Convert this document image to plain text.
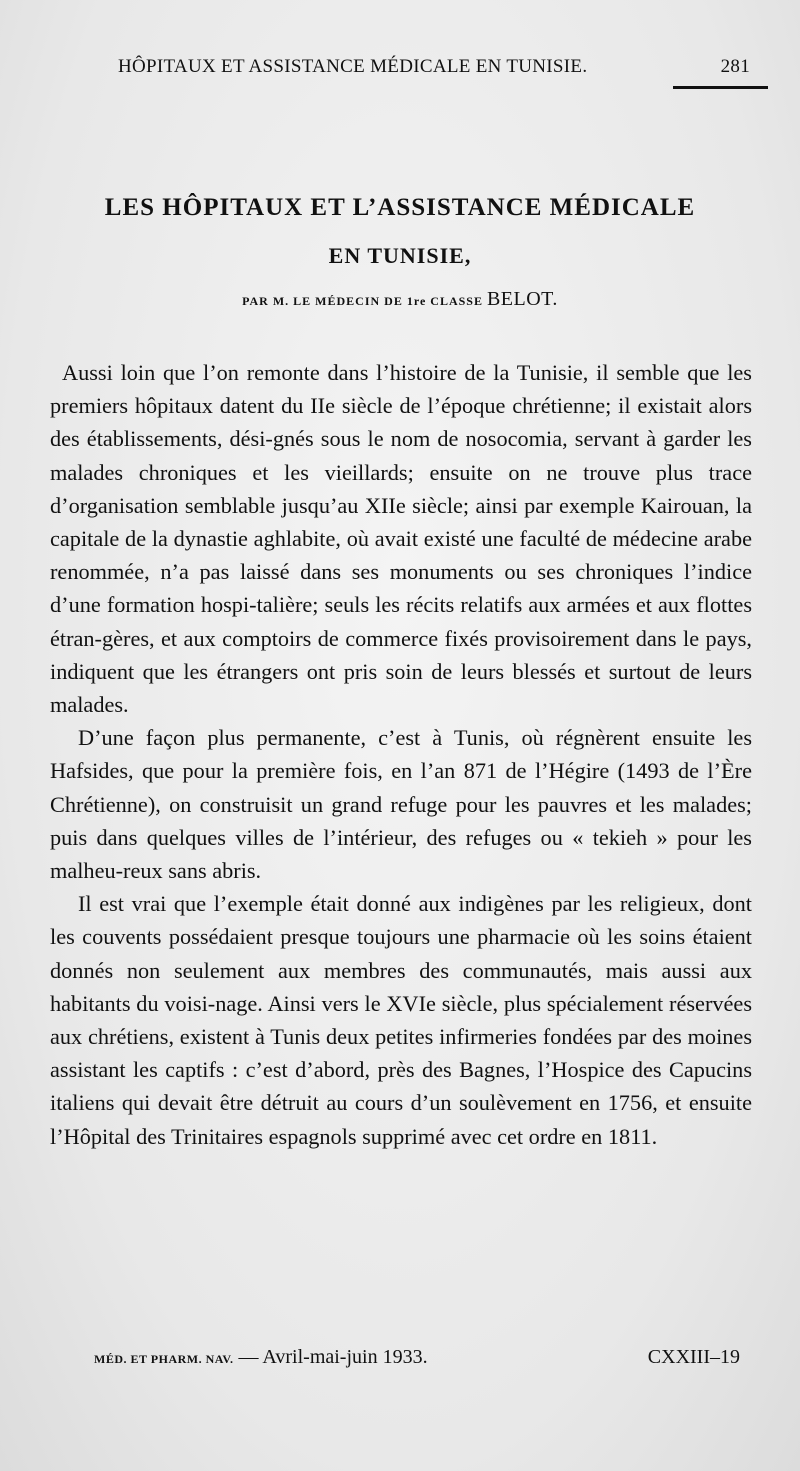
HÔPITAUX ET ASSISTANCE MÉDICALE EN TUNISIE.	281
LES HÔPITAUX ET L’ASSISTANCE MÉDICALE
EN TUNISIE,
PAR M. LE MÉDECIN DE 1re CLASSE BELOT.

Aussi loin que l’on remonte dans l’histoire de la Tunisie, il semble que les premiers hôpitaux datent du IIe siècle de l’époque chrétienne; il existait alors des établissements, dési-gnés sous le nom de nosocomia, servant à garder les malades chroniques et les vieillards; ensuite on ne trouve plus trace d’organisation semblable jusqu’au XIIe siècle; ainsi par exemple Kairouan, la capitale de la dynastie aghlabite, où avait existé une faculté de médecine arabe renommée, n’a pas laissé dans ses monuments ou ses chroniques l’indice d’une formation hospi-talière; seuls les récits relatifs aux armées et aux flottes étran-gères, et aux comptoirs de commerce fixés provisoirement dans le pays, indiquent que les étrangers ont pris soin de leurs blessés et surtout de leurs malades.

D’une façon plus permanente, c’est à Tunis, où régnèrent ensuite les Hafsides, que pour la première fois, en l’an 871 de l’Hégire (1493 de l’Ère Chrétienne), on construisit un grand refuge pour les pauvres et les malades; puis dans quelques villes de l’intérieur, des refuges ou « tekieh » pour les malheu-reux sans abris.

Il est vrai que l’exemple était donné aux indigènes par les religieux, dont les couvents possédaient presque toujours une pharmacie où les soins étaient donnés non seulement aux membres des communautés, mais aussi aux habitants du voisi-nage. Ainsi vers le XVIe siècle, plus spécialement réservées aux chrétiens, existent à Tunis deux petites infirmeries fondées par des moines assistant les captifs : c’est d’abord, près des Bagnes, l’Hospice des Capucins italiens qui devait être détruit au cours d’un soulèvement en 1756, et ensuite l’Hôpital des Trinitaires espagnols supprimé avec cet ordre en 1811.

MÉD. ET PHARM. NAV. — Avril-mai-juin 1933.	CXXIII–19
